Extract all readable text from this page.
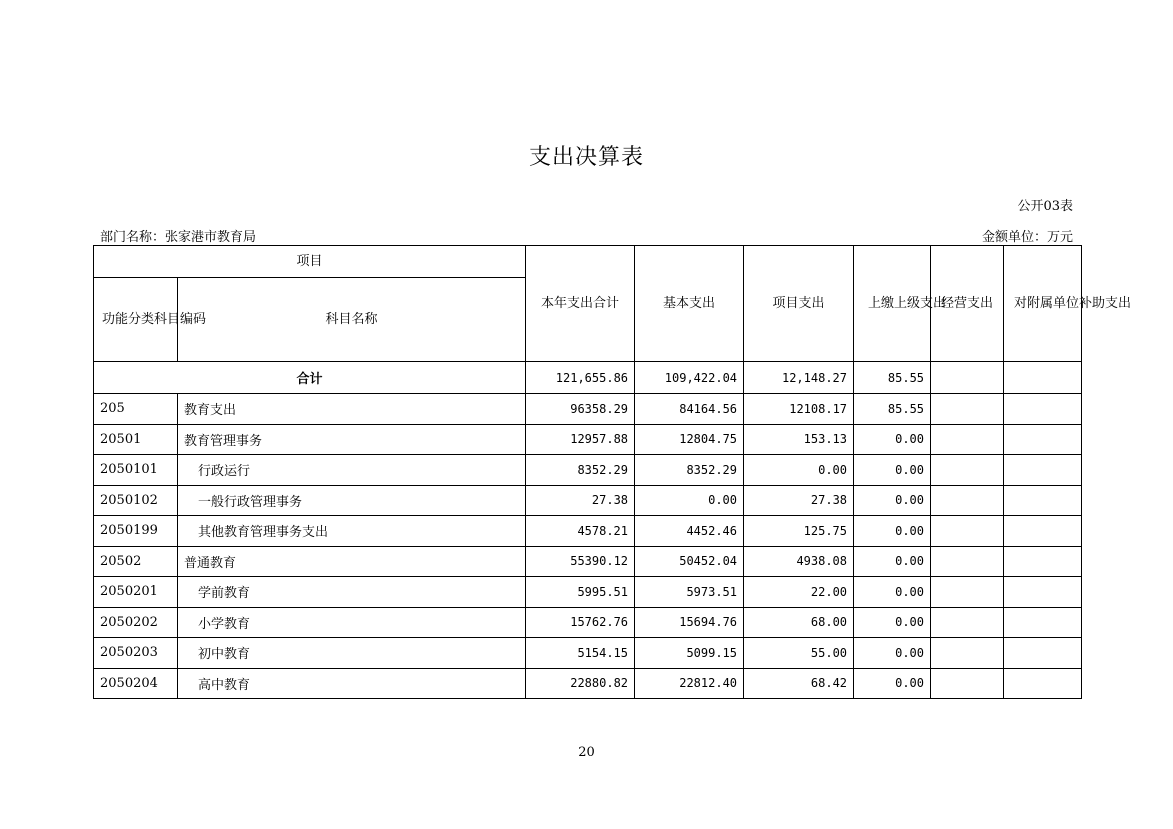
支出决算表
公开03表
部门名称：张家港市教育局	金额单位：万元
项目		本年支出合计	基本支出	项目支出	上缴上级支出	经营支出	对附属单位补助支出
功能分类科目编码	科目名称						
合计		121,655.86	109,422.04	12,148.27	85.55		
205	教育支出	96358.29	84164.56	12108.17	85.55		
20501	教育管理事务	12957.88	12804.75	153.13	0.00		
2050101	行政运行	8352.29	8352.29	0.00	0.00		
2050102	一般行政管理事务	27.38	0.00	27.38	0.00		
2050199	其他教育管理事务支出	4578.21	4452.46	125.75	0.00		
20502	普通教育	55390.12	50452.04	4938.08	0.00		
2050201	学前教育	5995.51	5973.51	22.00	0.00		
2050202	小学教育	15762.76	15694.76	68.00	0.00		
2050203	初中教育	5154.15	5099.15	55.00	0.00		
2050204	高中教育	22880.82	22812.40	68.42	0.00		
20
